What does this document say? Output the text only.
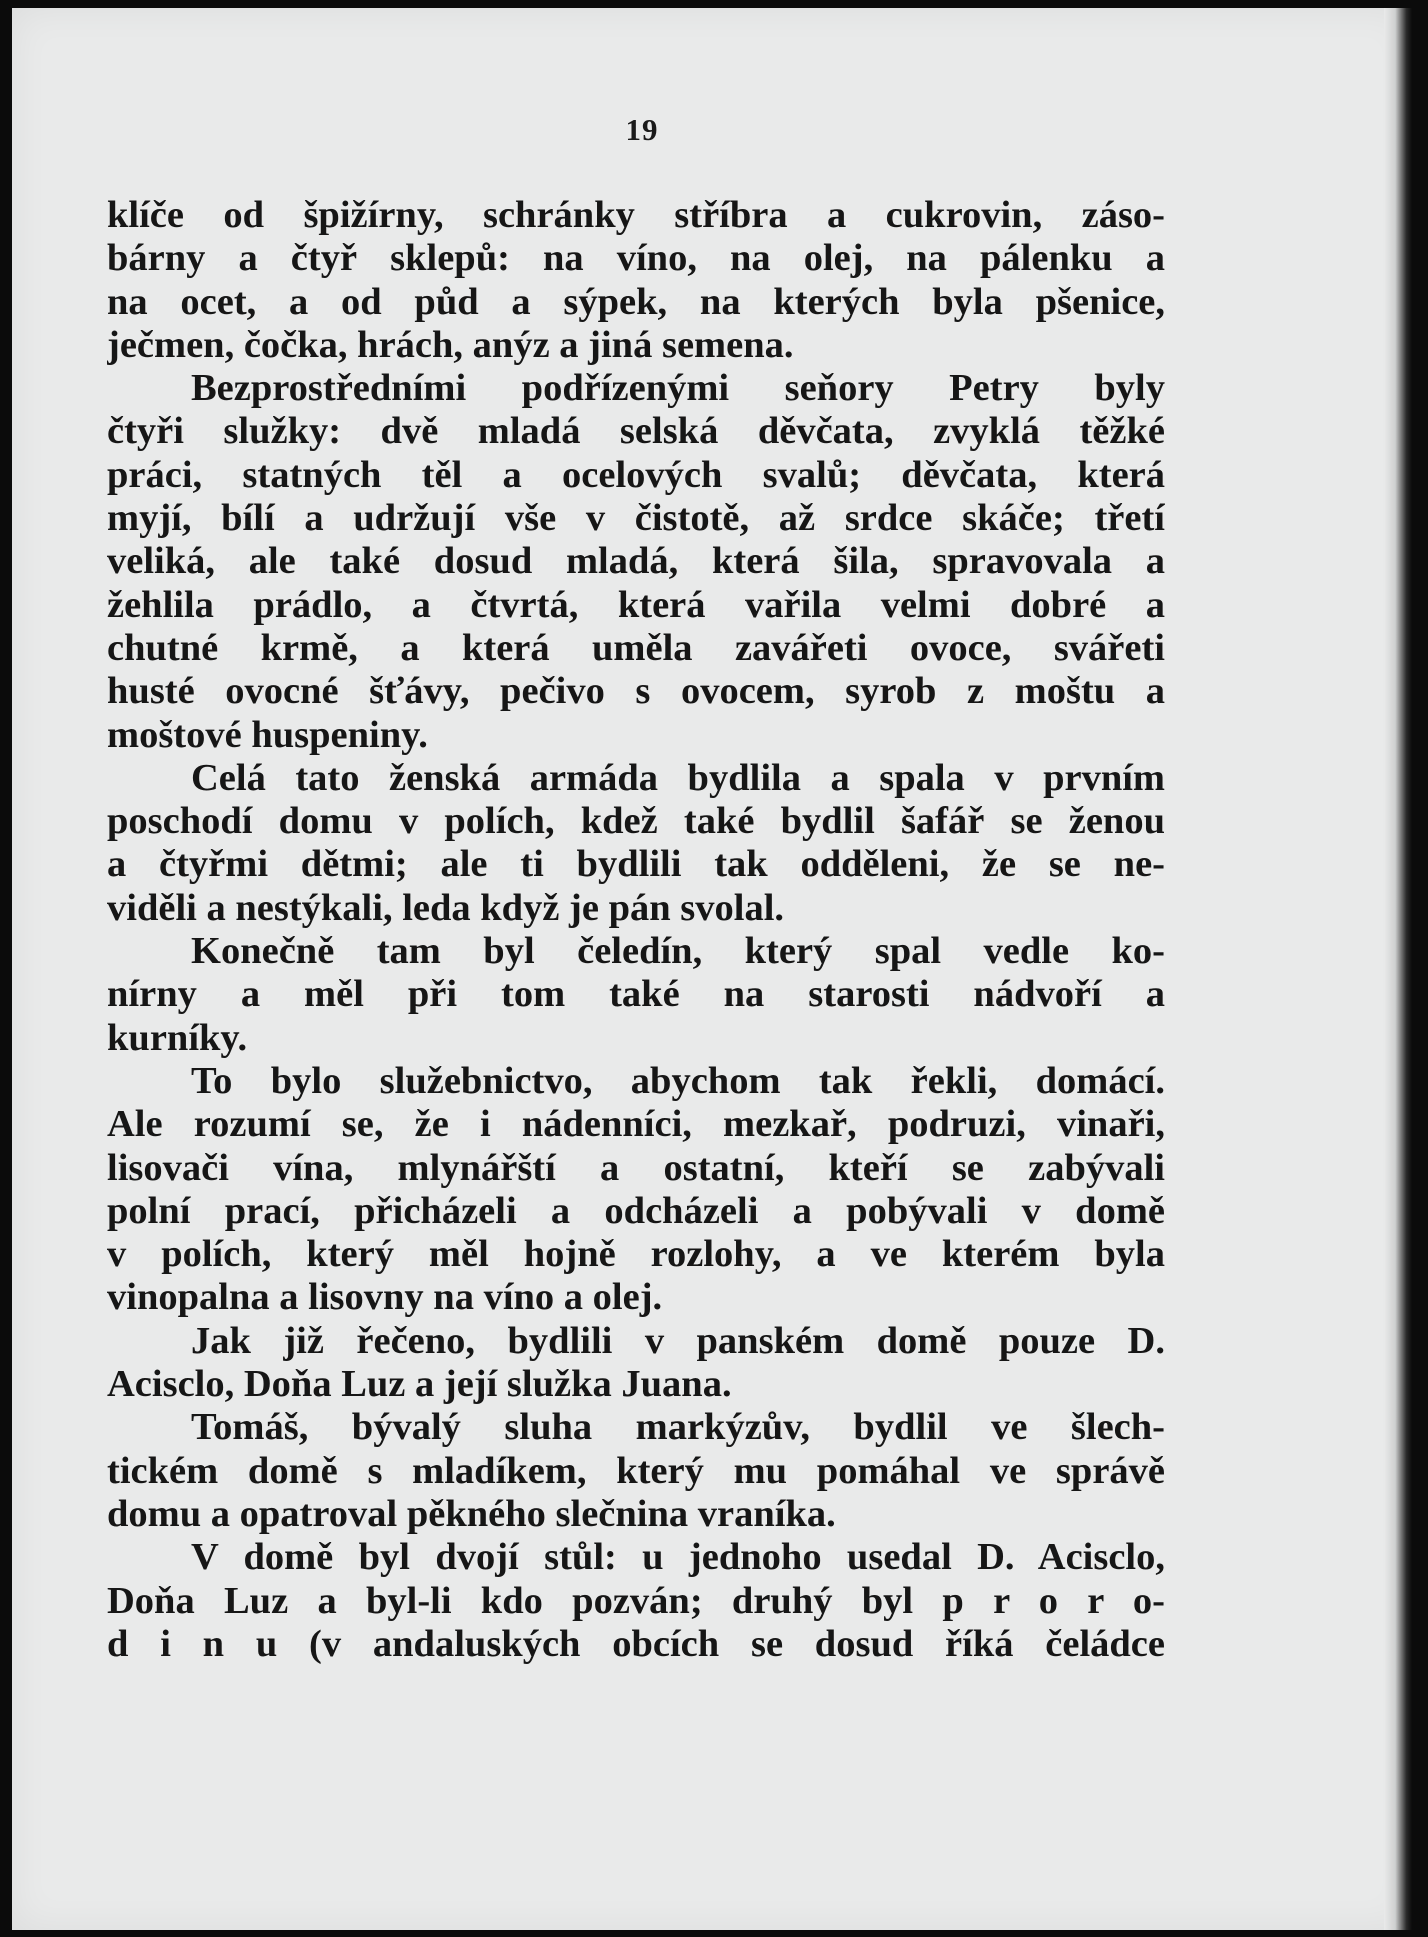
19
klíče od špižírny, schránky stříbra a cukrovin, záso-
bárny a čtyř sklepů: na víno, na olej, na pálenku a
na ocet, a od půd a sýpek, na kterých byla pšenice,
ječmen, čočka, hrách, anýz a jiná semena.
Bezprostředními podřízenými seňory Petry byly
čtyři služky: dvě mladá selská děvčata, zvyklá těžké
práci, statných těl a ocelových svalů; děvčata, která
myjí, bílí a udržují vše v čistotě, až srdce skáče; třetí
veliká, ale také dosud mladá, která šila, spravovala a
žehlila prádlo, a čtvrtá, která vařila velmi dobré a
chutné krmě, a která uměla zavářeti ovoce, svářeti
husté ovocné šťávy, pečivo s ovocem, syrob z moštu a
moštové huspeniny.
Celá tato ženská armáda bydlila a spala v prvním
poschodí domu v polích, kdež také bydlil šafář se ženou
a čtyřmi dětmi; ale ti bydlili tak odděleni, že se ne-
viděli a nestýkali, leda když je pán svolal.
Konečně tam byl čeledín, který spal vedle ko-
nírny a měl při tom také na starosti nádvoří a
kurníky.
To bylo služebnictvo, abychom tak řekli, domácí.
Ale rozumí se, že i nádenníci, mezkař, podruzi, vinaři,
lisovači vína, mlynářští a ostatní, kteří se zabývali
polní prací, přicházeli a odcházeli a pobývali v domě
v polích, který měl hojně rozlohy, a ve kterém byla
vinopalna a lisovny na víno a olej.
Jak již řečeno, bydlili v panském domě pouze D.
Acisclo, Doňa Luz a její služka Juana.
Tomáš, bývalý sluha markýzův, bydlil ve šlech-
tickém domě s mladíkem, který mu pomáhal ve správě
domu a opatroval pěkného slečnina vraníka.
V domě byl dvojí stůl: u jednoho usedal D. Acisclo,
Doňa Luz a byl-li kdo pozván; druhý byl p r o r o-
d i n u (v andaluských obcích se dosud říká čeládce
